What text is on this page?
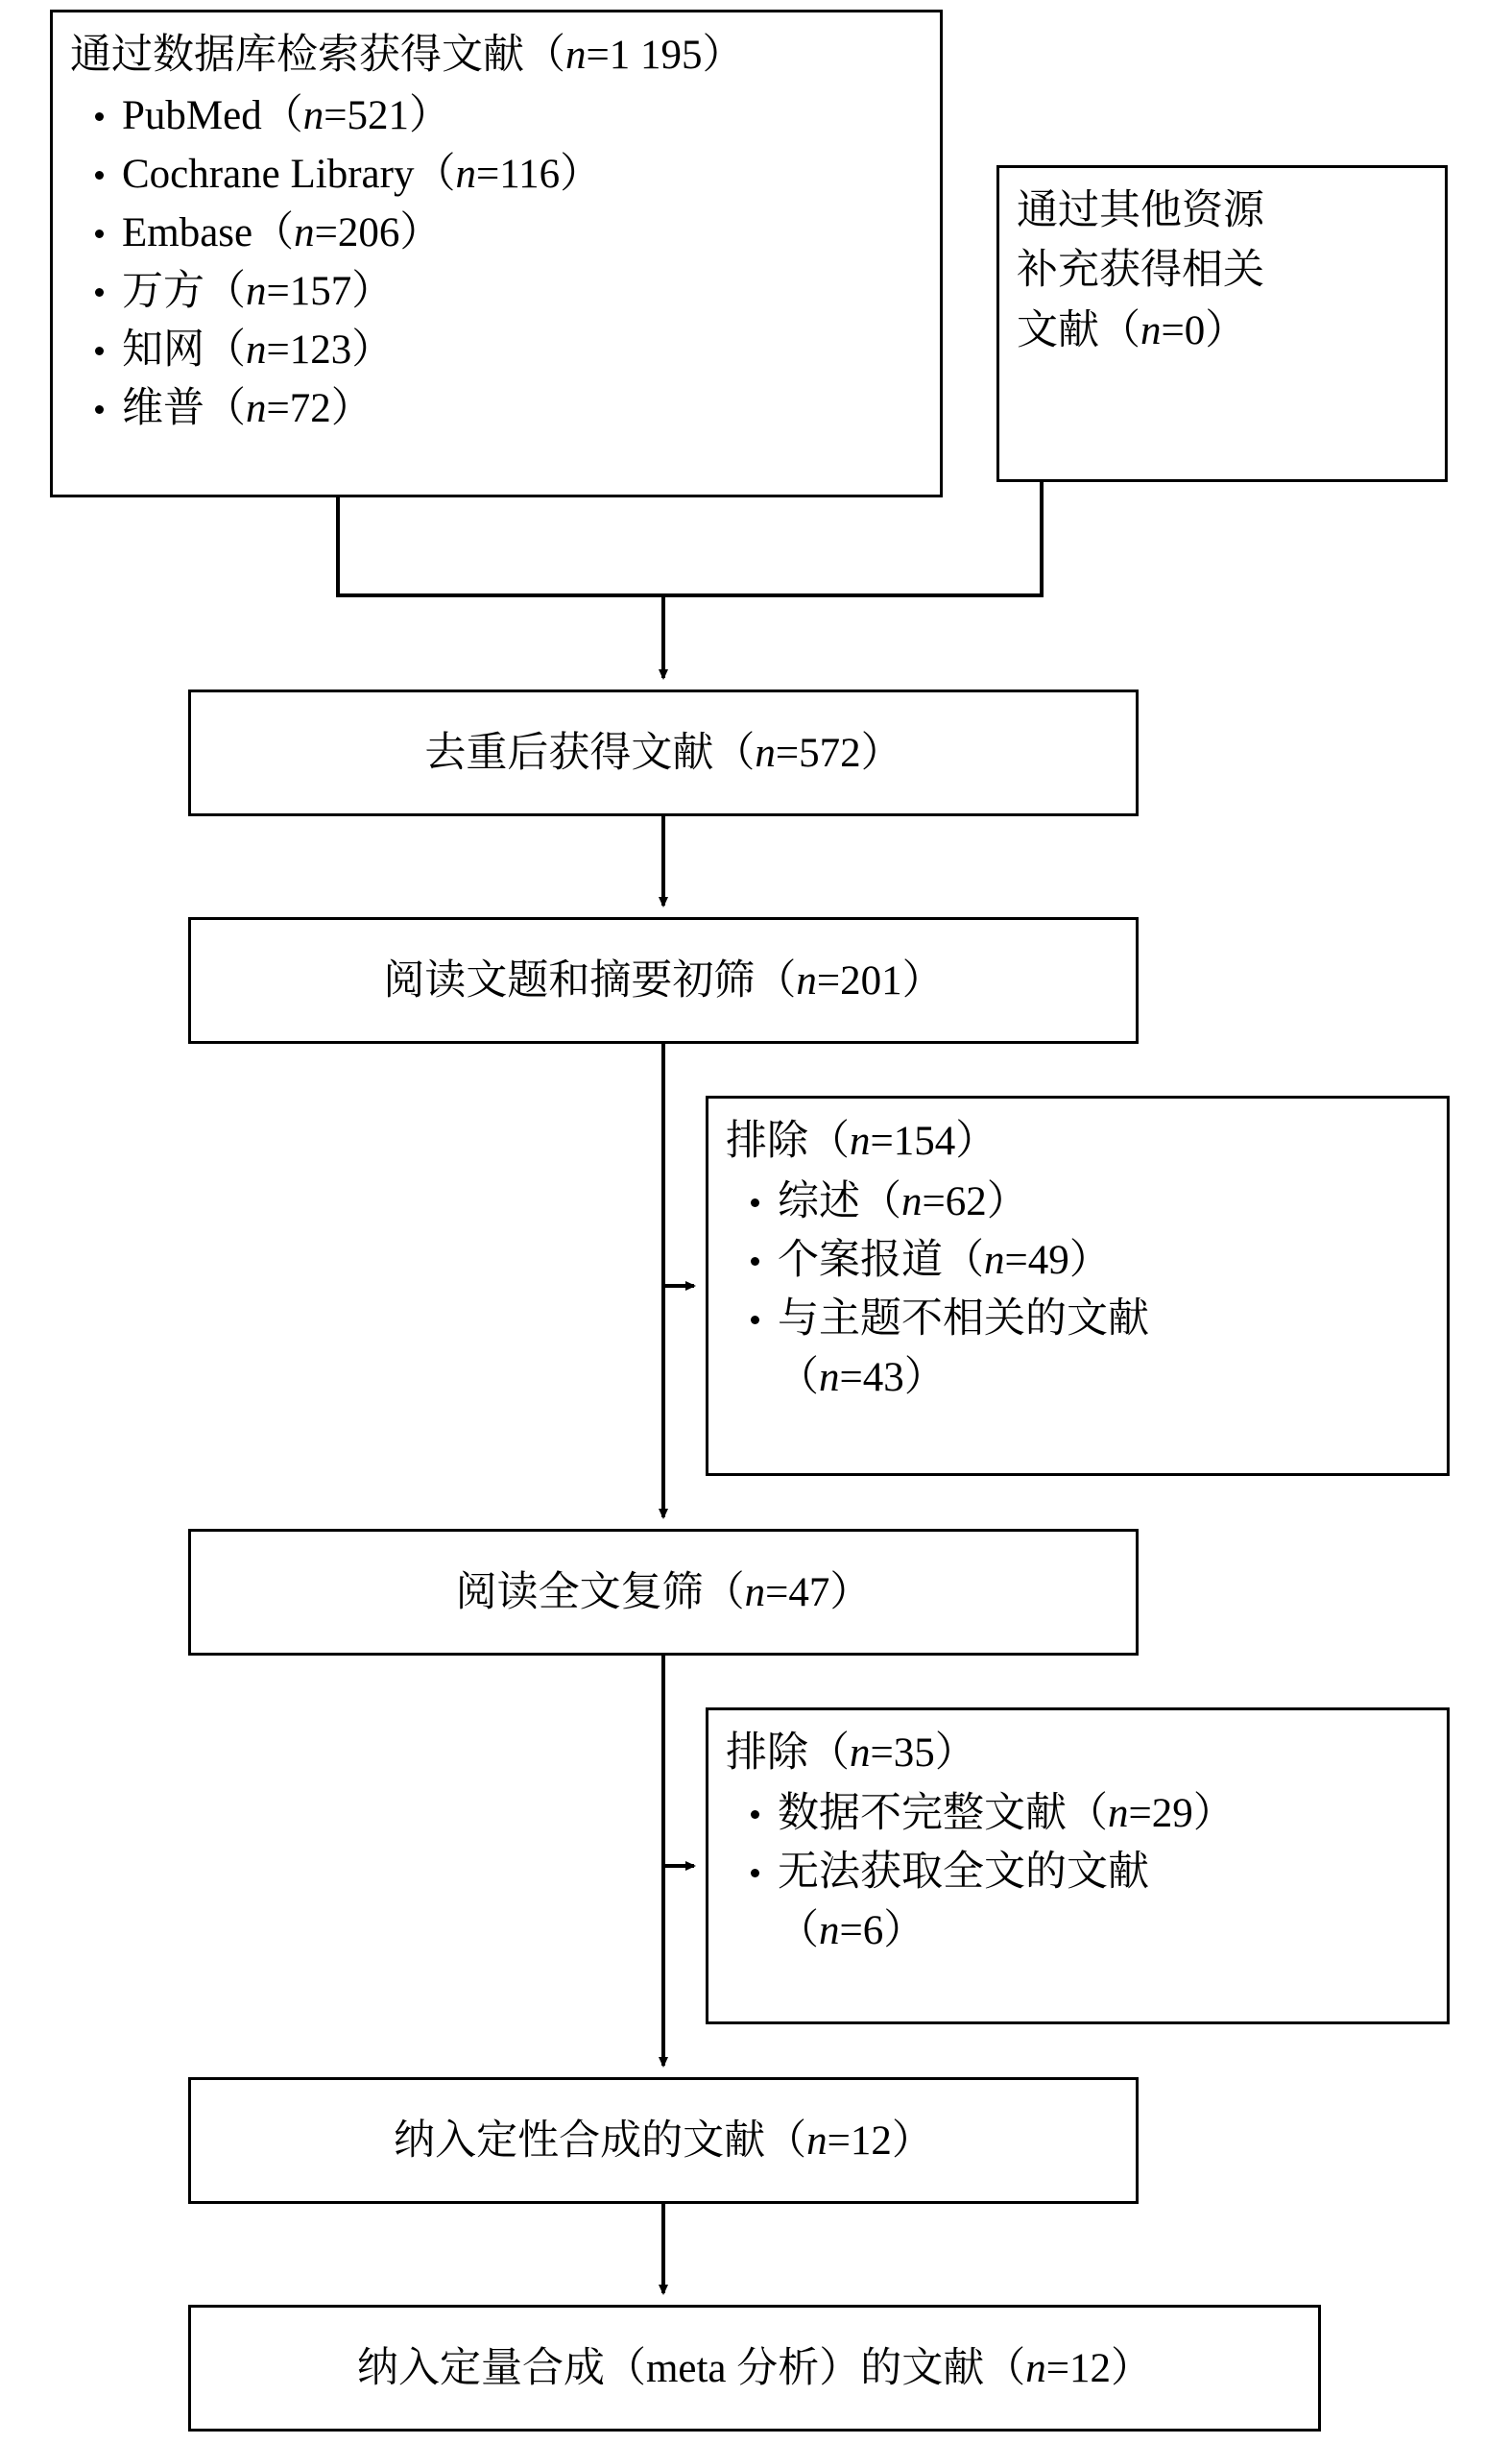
通过数据库检索获得文献（n=1 195）
PubMed（n=521）
Cochrane Library（n=116）
Embase（n=206）
万方（n=157）
知网（n=123）
维普（n=72）
通过其他资源
补充获得相关
文献（n=0）
去重后获得文献（n=572）
阅读文题和摘要初筛（n=201）
排除（n=154）
综述（n=62）
个案报道（n=49）
与主题不相关的文献
（n=43）
阅读全文复筛（n=47）
排除（n=35）
数据不完整文献（n=29）
无法获取全文的文献
（n=6）
纳入定性合成的文献（n=12）
纳入定量合成（meta 分析）的文献（n=12）
